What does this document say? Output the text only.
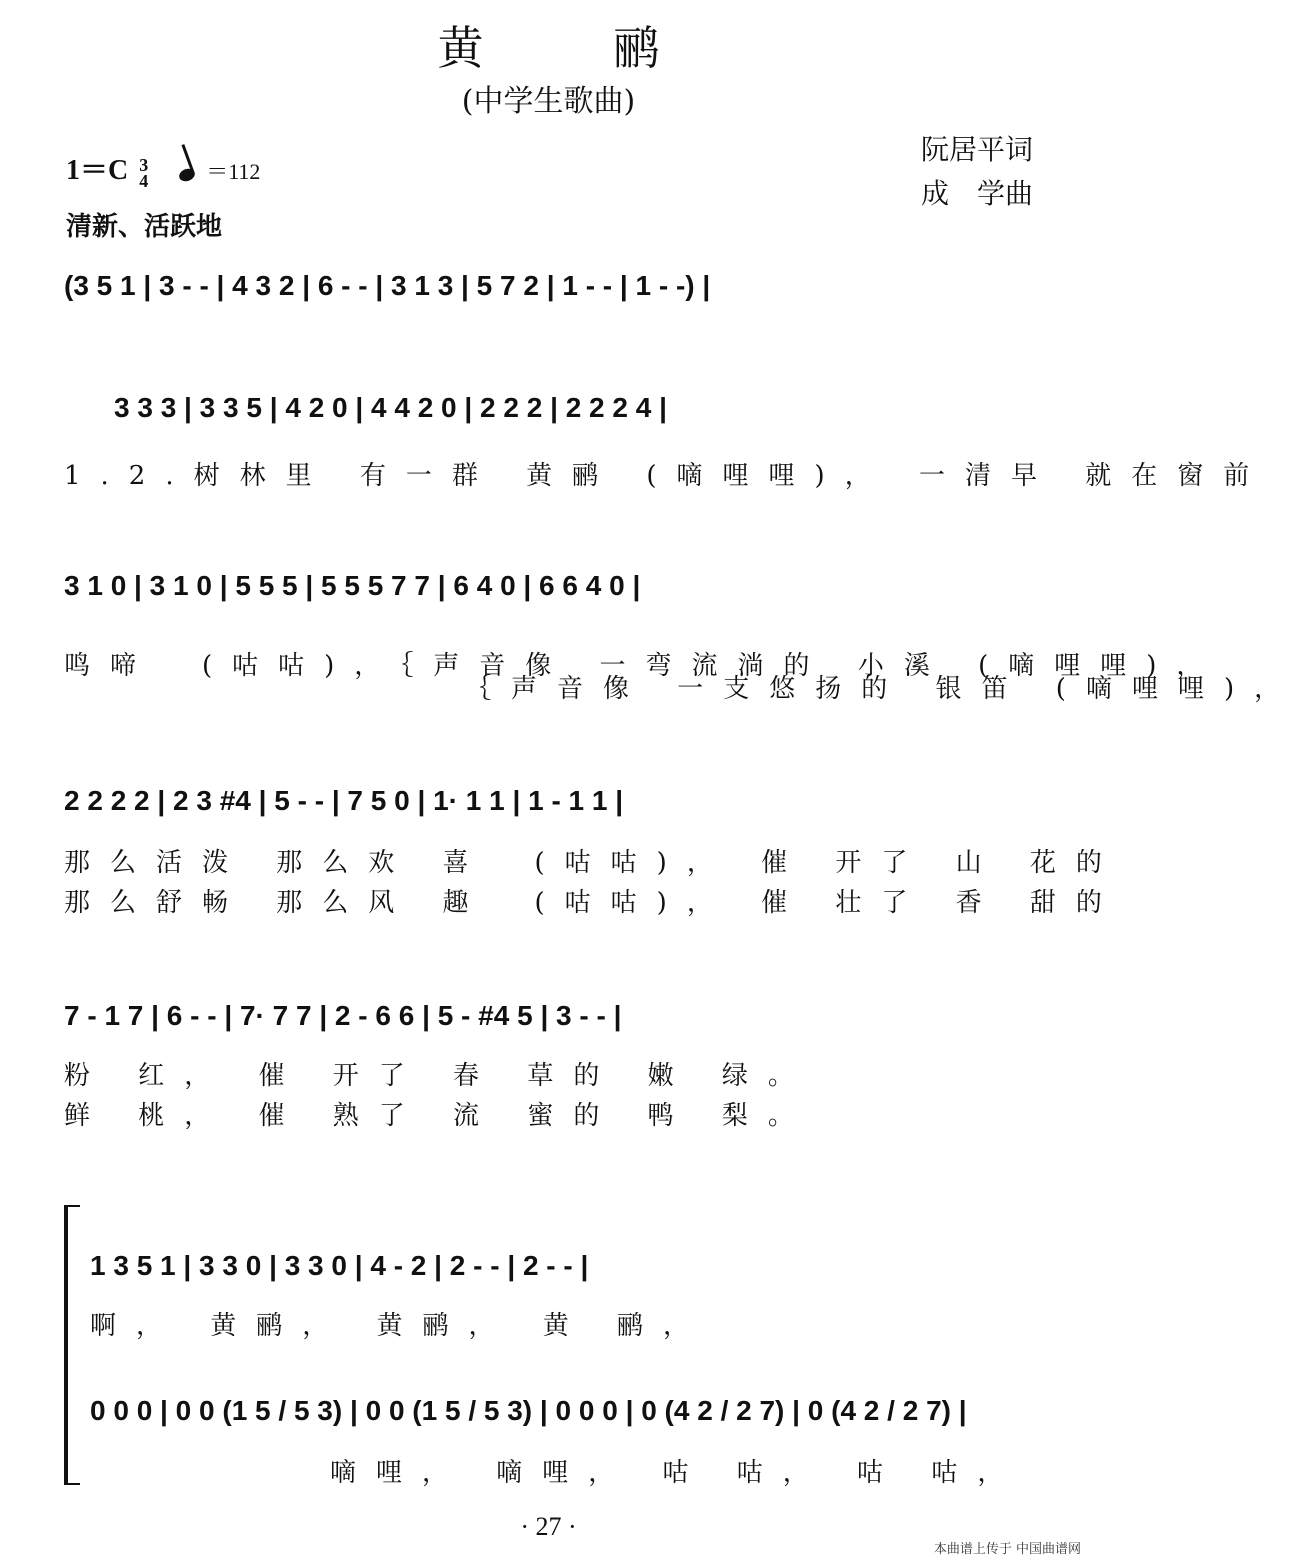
黄鹂
(中学生歌曲)
阮居平词
成　学曲
1＝C 3
4	＝112
清新、活跃地
(3 5 1 | 3 - - | 4 3 2 | 6 - - | 3 1 3 | 5 7 2 | 1 - - | 1 - -) |
3 3 3 | 3 3 5 | 4 2 0 | 4 4 2 0 | 2 2 2 | 2 2 2 4 |
1.2.树林里 有一群 黄鹂 (嘀哩哩)， 一清早 就在窗前
3 1 0 | 3 1 0 | 5 5 5 | 5 5 5 7 7 | 6 4 0 | 6 6 4 0 |
鸣啼　(咕咕)，｛声音像 一弯流淌的 小溪 (嘀哩哩)，
　　　　　　　　　｛声音像 一支悠扬的 银笛 (嘀哩哩)，
2 2 2 2 | 2 3 #4 | 5 - - | 7 5 0 | 1· 1 1 | 1 - 1 1 |
那么活泼 那么欢 喜　(咕咕)， 催 开了 山 花的
那么舒畅 那么风 趣　(咕咕)， 催 壮了 香 甜的
7 - 1 7 | 6 - - | 7· 7 7 | 2 - 6 6 | 5 - #4 5 | 3 - - |
粉 红， 催 开了 春 草的 嫩 绿。
鲜 桃， 催 熟了 流 蜜的 鸭 梨。
1 3 5 1 | 3 3 0 | 3 3 0 | 4 - 2 | 2 - - | 2 - - |
啊， 黄鹂， 黄鹂， 黄 鹂，
0 0 0 | 0 0 (1 5 / 5 3) | 0 0 (1 5 / 5 3) | 0 0 0 | 0 (4 2 / 2 7) | 0 (4 2 / 2 7) |
嘀哩， 嘀哩， 咕 咕， 咕 咕，
· 27 ·
本曲谱上传于 中国曲谱网
